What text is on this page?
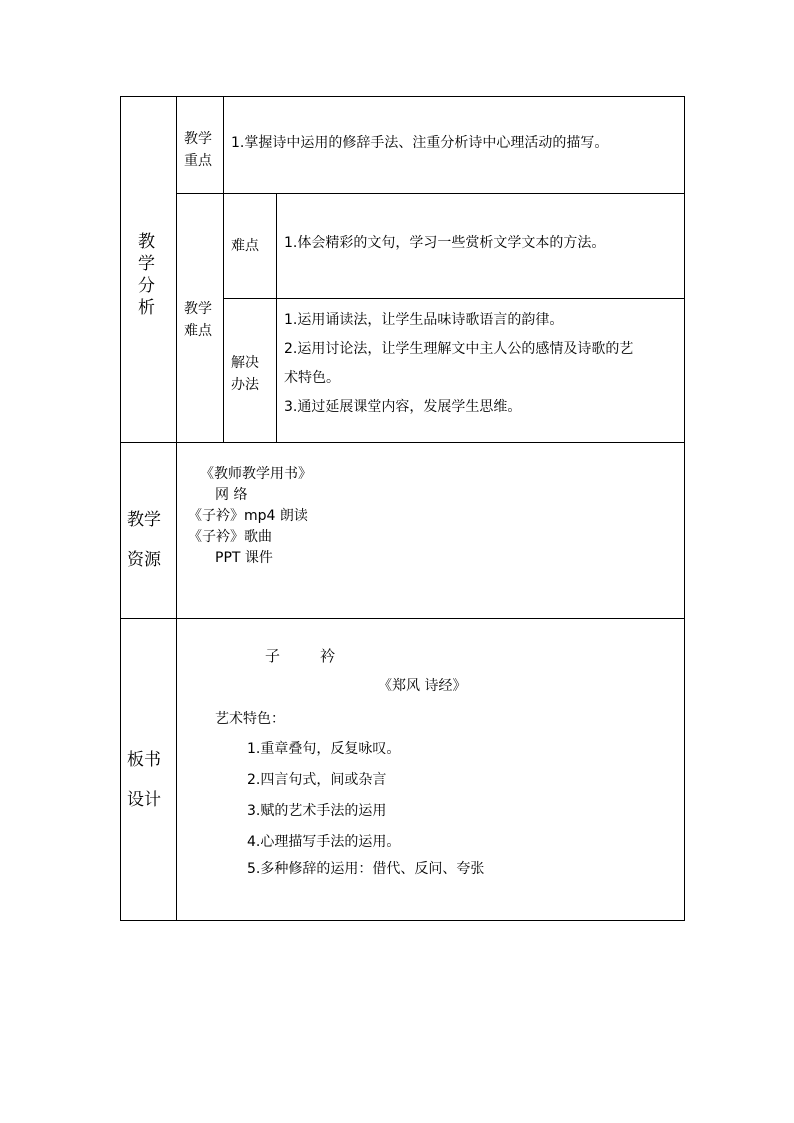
教
学
分
析
教学
重点
1.掌握诗中运用的修辞手法、注重分析诗中心理活动的描写。
教学
难点
难点 1.体会精彩的文句，学习一些赏析文学文本的方法。
解决
办法
1.运用诵读法，让学生品味诗歌语言的韵律。
2.运用讨论法，让学生理解文中主人公的感情及诗歌的艺
术特色。
3.通过延展课堂内容，发展学生思维。
教学
资源
《教师教学用书》
网 络
《子衿》mp4 朗读
《子衿》歌曲
PPT 课件
板书
设计
子	衿
《郑风 诗经》
艺术特色：
1.重章叠句，反复咏叹。
2.四言句式，间或杂言
3.赋的艺术手法的运用
4.心理描写手法的运用。
5.多种修辞的运用：借代、反问、夸张
